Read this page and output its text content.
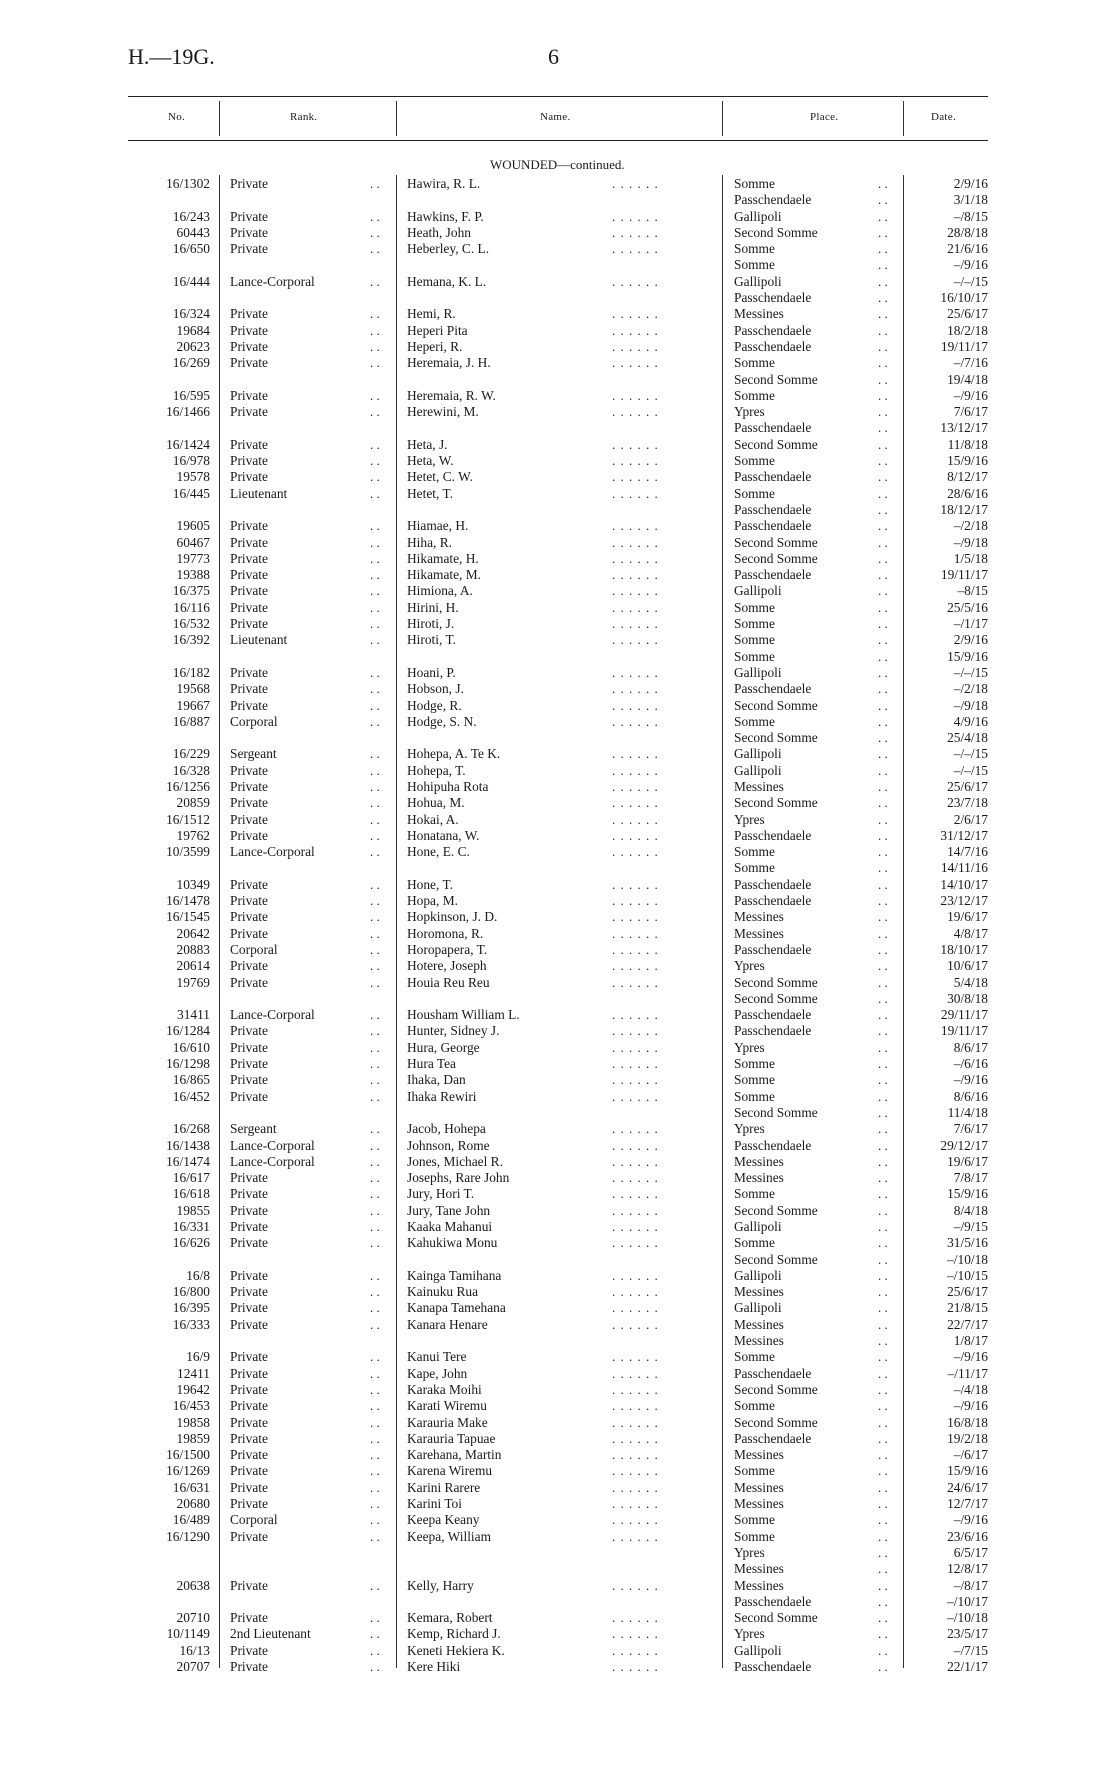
H.—19G.	6
No.	Rank.	Name.	Place.	Date.
WOUNDED—continued.
16/1302 Private	Hawira, R. L.	Somme	2/9/16
. .	. . . . . .	. .
Passchendaele	3/1/18
. .
16/243 Private	Hawkins, F. P.	Gallipoli	–/8/15
. .	. . . . . .	. .
60443 Private	Heath, John	Second Somme	28/8/18
. .	. . . . . .	. .
16/650 Private	Heberley, C. L.	Somme	21/6/16
. .	. . . . . .	. .
Somme	–/9/16
. .
16/444 Lance-Corporal	Hemana, K. L.	Gallipoli	–/–/15
. .	. . . . . .	. .
Passchendaele	16/10/17
. .
16/324 Private	Hemi, R.	Messines	25/6/17
. .	. . . . . .	. .
19684 Private	Heperi Pita	Passchendaele	18/2/18
. .	. . . . . .	. .
20623 Private	Heperi, R.	Passchendaele	19/11/17
. .	. . . . . .	. .
16/269 Private	Heremaia, J. H.	Somme	–/7/16
. .	. . . . . .	. .
Second Somme	19/4/18
. .
16/595 Private	Heremaia, R. W.	Somme	–/9/16
. .	. . . . . .	. .
16/1466 Private	Herewini, M.	Ypres	7/6/17
. .	. . . . . .	. .
Passchendaele	13/12/17
. .
16/1424 Private	Heta, J.	Second Somme	11/8/18
. .	. . . . . .	. .
16/978 Private	Heta, W.	Somme	15/9/16
. .	. . . . . .	. .
19578 Private	Hetet, C. W.	Passchendaele	8/12/17
. .	. . . . . .	. .
16/445 Lieutenant	Hetet, T.	Somme	28/6/16
. .	. . . . . .	. .
Passchendaele	18/12/17
. .
19605 Private	Hiamae, H.	Passchendaele	–/2/18
. .	. . . . . .	. .
60467 Private	Hiha, R.	Second Somme	–/9/18
. .	. . . . . .	. .
19773 Private	Hikamate, H.	Second Somme	1/5/18
. .	. . . . . .	. .
19388 Private	Hikamate, M.	Passchendaele	19/11/17
. .	. . . . . .	. .
16/375 Private	Himiona, A.	Gallipoli	–8/15
. .	. . . . . .	. .
16/116 Private	Hirini, H.	Somme	25/5/16
. .	. . . . . .	. .
16/532 Private	Hiroti, J.	Somme	–/1/17
. .	. . . . . .	. .
16/392 Lieutenant	Hiroti, T.	Somme	2/9/16
. .	. . . . . .	. .
Somme	15/9/16
. .
16/182 Private	Hoani, P.	Gallipoli	–/–/15
. .	. . . . . .	. .
19568 Private	Hobson, J.	Passchendaele	–/2/18
. .	. . . . . .	. .
19667 Private	Hodge, R.	Second Somme	–/9/18
. .	. . . . . .	. .
16/887 Corporal	Hodge, S. N.	Somme	4/9/16
. .	. . . . . .	. .
Second Somme	25/4/18
. .
16/229 Sergeant	Hohepa, A. Te K.	Gallipoli	–/–/15
. .	. . . . . .	. .
16/328 Private	Hohepa, T.	Gallipoli	–/–/15
. .	. . . . . .	. .
16/1256 Private	Hohipuha Rota	Messines	25/6/17
. .	. . . . . .	. .
20859 Private	Hohua, M.	Second Somme	23/7/18
. .	. . . . . .	. .
16/1512 Private	Hokai, A.	Ypres	2/6/17
. .	. . . . . .	. .
19762 Private	Honatana, W.	Passchendaele	31/12/17
. .	. . . . . .	. .
10/3599 Lance-Corporal	Hone, E. C.	Somme	14/7/16
. .	. . . . . .	. .
Somme	14/11/16
. .
10349 Private	Hone, T.	Passchendaele	14/10/17
. .	. . . . . .	. .
16/1478 Private	Hopa, M.	Passchendaele	23/12/17
. .	. . . . . .	. .
16/1545 Private	Hopkinson, J. D.	Messines	19/6/17
. .	. . . . . .	. .
20642 Private	Horomona, R.	Messines	4/8/17
. .	. . . . . .	. .
20883 Corporal	Horopapera, T.	Passchendaele	18/10/17
. .	. . . . . .	. .
20614 Private	Hotere, Joseph	Ypres	10/6/17
. .	. . . . . .	. .
19769 Private	Houia Reu Reu	Second Somme	5/4/18
. .	. . . . . .	. .
Second Somme	30/8/18
. .
31411 Lance-Corporal	Housham William L.	Passchendaele	29/11/17
. .	. . . . . .	. .
16/1284 Private	Hunter, Sidney J.	Passchendaele	19/11/17
. .	. . . . . .	. .
16/610 Private	Hura, George	Ypres	8/6/17
. .	. . . . . .	. .
16/1298 Private	Hura Tea	Somme	–/6/16
. .	. . . . . .	. .
16/865 Private	Ihaka, Dan	Somme	–/9/16
. .	. . . . . .	. .
16/452 Private	Ihaka Rewiri	Somme	8/6/16
. .	. . . . . .	. .
Second Somme	11/4/18
. .
16/268 Sergeant	Jacob, Hohepa	Ypres	7/6/17
. .	. . . . . .	. .
16/1438 Lance-Corporal	Johnson, Rome	Passchendaele	29/12/17
. .	. . . . . .	. .
16/1474 Lance-Corporal	Jones, Michael R.	Messines	19/6/17
. .	. . . . . .	. .
16/617 Private	Josephs, Rare John	Messines	7/8/17
. .	. . . . . .	. .
16/618 Private	Jury, Hori T.	Somme	15/9/16
. .	. . . . . .	. .
19855 Private	Jury, Tane John	Second Somme	8/4/18
. .	. . . . . .	. .
16/331 Private	Kaaka Mahanui	Gallipoli	–/9/15
. .	. . . . . .	. .
16/626 Private	Kahukiwa Monu	Somme	31/5/16
. .	. . . . . .	. .
Second Somme	–/10/18
. .
16/8 Private	Kainga Tamihana	Gallipoli	–/10/15
. .	. . . . . .	. .
16/800 Private	Kainuku Rua	Messines	25/6/17
. .	. . . . . .	. .
16/395 Private	Kanapa Tamehana	Gallipoli	21/8/15
. .	. . . . . .	. .
16/333 Private	Kanara Henare	Messines	22/7/17
. .	. . . . . .	. .
Messines	1/8/17
. .
16/9 Private	Kanui Tere	Somme	–/9/16
. .	. . . . . .	. .
12411 Private	Kape, John	Passchendaele	–/11/17
. .	. . . . . .	. .
19642 Private	Karaka Moihi	Second Somme	–/4/18
. .	. . . . . .	. .
16/453 Private	Karati Wiremu	Somme	–/9/16
. .	. . . . . .	. .
19858 Private	Karauria Make	Second Somme	16/8/18
. .	. . . . . .	. .
19859 Private	Karauria Tapuae	Passchendaele	19/2/18
. .	. . . . . .	. .
16/1500 Private	Karehana, Martin	Messines	–/6/17
. .	. . . . . .	. .
16/1269 Private	Karena Wiremu	Somme	15/9/16
. .	. . . . . .	. .
16/631 Private	Karini Rarere	Messines	24/6/17
. .	. . . . . .	. .
20680 Private	Karini Toi	Messines	12/7/17
. .	. . . . . .	. .
16/489 Corporal	Keepa Keany	Somme	–/9/16
. .	. . . . . .	. .
16/1290 Private	Keepa, William	Somme	23/6/16
. .	. . . . . .	. .
Ypres	6/5/17
. .
Messines	12/8/17
. .
20638 Private	Kelly, Harry	Messines	–/8/17
. .	. . . . . .	. .
Passchendaele	–/10/17
. .
20710 Private	Kemara, Robert	Second Somme	–/10/18
. .	. . . . . .	. .
10/1149 2nd Lieutenant	Kemp, Richard J.	Ypres	23/5/17
. .	. . . . . .	. .
16/13 Private	Keneti Hekiera K.	Gallipoli	–/7/15
. .	. . . . . .	. .
20707 Private	Kere Hiki	Passchendaele	22/1/17
. .	. . . . . .	. .
